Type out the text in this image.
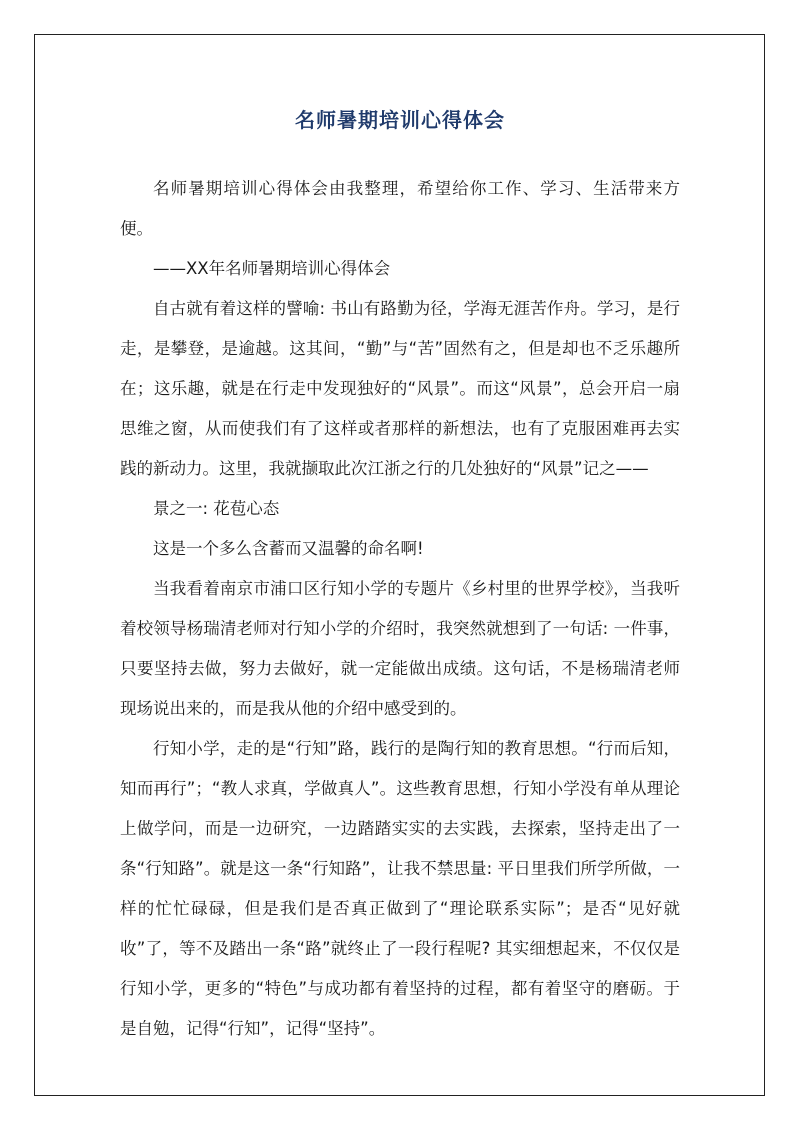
名师暑期培训心得体会

名师暑期培训心得体会由我整理，希望给你工作、学习、生活带来方便。

——XX年名师暑期培训心得体会

自古就有着这样的譬喻: 书山有路勤为径，学海无涯苦作舟。学习，是行走，是攀登，是逾越。这其间，“勤”与“苦”固然有之，但是却也不乏乐趣所在；这乐趣，就是在行走中发现独好的“风景”。而这“风景”，总会开启一扇思维之窗，从而使我们有了这样或者那样的新想法，也有了克服困难再去实践的新动力。这里，我就撷取此次江浙之行的几处独好的“风景”记之——

景之一: 花苞心态

这是一个多么含蓄而又温馨的命名啊!

当我看着南京市浦口区行知小学的专题片《乡村里的世界学校》，当我听着校领导杨瑞清老师对行知小学的介绍时，我突然就想到了一句话: 一件事，只要坚持去做，努力去做好，就一定能做出成绩。这句话，不是杨瑞清老师现场说出来的，而是我从他的介绍中感受到的。

行知小学，走的是“行知”路，践行的是陶行知的教育思想。“行而后知，知而再行”；“教人求真，学做真人”。这些教育思想，行知小学没有单从理论上做学问，而是一边研究，一边踏踏实实的去实践，去探索，坚持走出了一条“行知路”。就是这一条“行知路”，让我不禁思量: 平日里我们所学所做，一样的忙忙碌碌，但是我们是否真正做到了“理论联系实际”；是否“见好就收”了，等不及踏出一条“路”就终止了一段行程呢? 其实细想起来，不仅仅是行知小学，更多的“特色”与成功都有着坚持的过程，都有着坚守的磨砺。于是自勉，记得“行知”，记得“坚持”。
